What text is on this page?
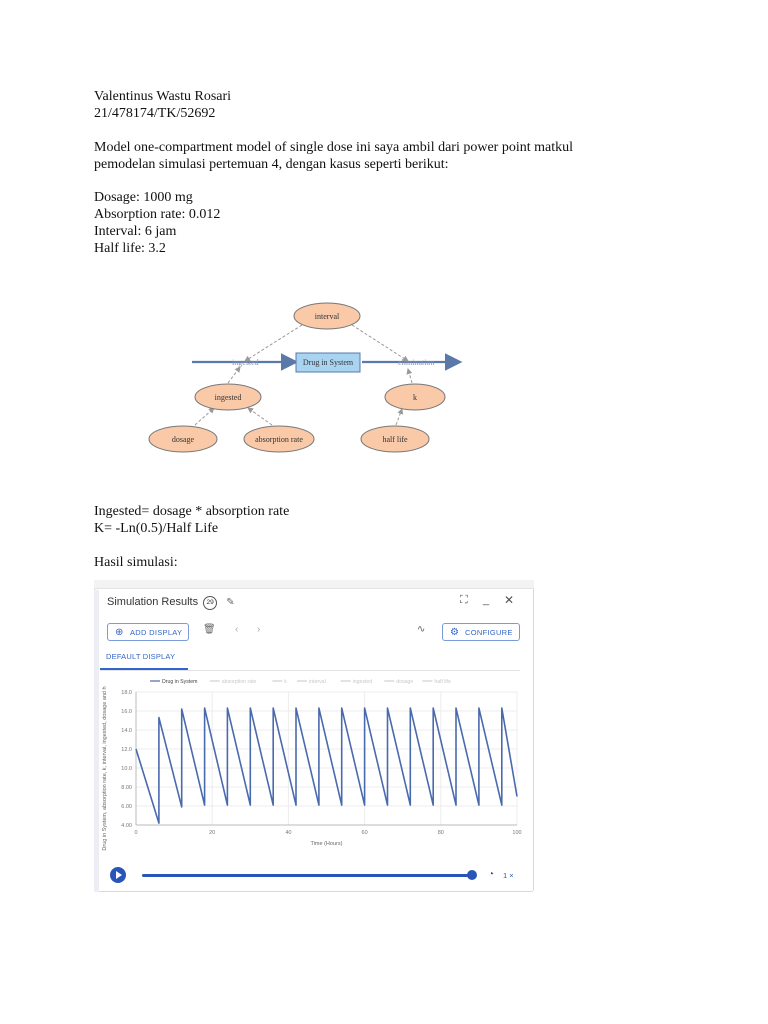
Valentinus Wastu Rosari
21/478174/TK/52692
Model one-compartment model of single dose ini saya ambil dari power point matkul
pemodelan simulasi pertemuan 4, dengan kasus seperti berikut:
Dosage: 1000 mg
Absorption rate: 0.012
Interval: 6 jam
Half life: 3.2
ingested	elimination
interval
Drug in System
ingested	k
dosage	absorption rate	half life
Ingested= dosage * absorption rate
K= -Ln(0.5)/Half Life
Hasil simulasi:
Simulation Results 29 ✎	⛶ _ ✕
⊕ ADD DISPLAY	🗑 ‹ ›	∿ ⚙ CONFIGURE
DEFAULT DISPLAY
4.00
6.00
8.00
10.0
12.0
14.0
16.0
18.0
0	20	40	60	80	100
Time (Hours)
Drug in System, absorption rate, k, interval, ingested, dosage and h
Drug in System	absorption rate	k	interval	ingested	dosage	half life
◔ 1 ×
